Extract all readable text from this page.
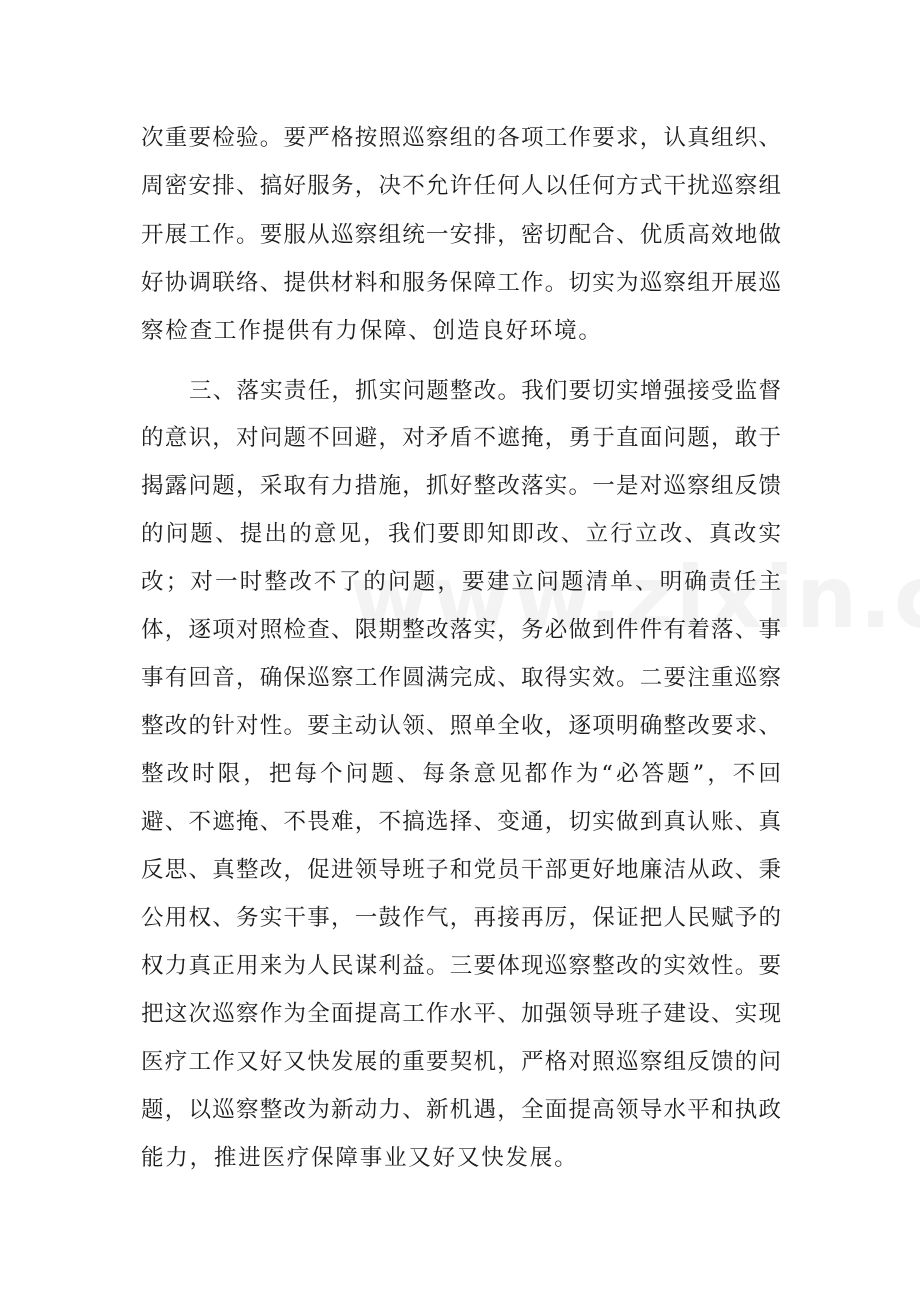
次重要检验。要严格按照巡察组的各项工作要求，认真组织、

周密安排、搞好服务，决不允许任何人以任何方式干扰巡察组

开展工作。要服从巡察组统一安排，密切配合、优质高效地做

好协调联络、提供材料和服务保障工作。切实为巡察组开展巡

察检查工作提供有力保障、创造良好环境。

三、落实责任，抓实问题整改。我们要切实增强接受监督

的意识，对问题不回避，对矛盾不遮掩，勇于直面问题，敢于

揭露问题，采取有力措施，抓好整改落实。一是对巡察组反馈

的问题、提出的意见，我们要即知即改、立行立改、真改实

改；对一时整改不了的问题，要建立问题清单、明确责任主

体，逐项对照检查、限期整改落实，务必做到件件有着落、事

事有回音，确保巡察工作圆满完成、取得实效。二要注重巡察

整改的针对性。要主动认领、照单全收，逐项明确整改要求、

整改时限，把每个问题、每条意见都作为“必答题”，不回

避、不遮掩、不畏难，不搞选择、变通，切实做到真认账、真

反思、真整改，促进领导班子和党员干部更好地廉洁从政、秉

公用权、务实干事，一鼓作气，再接再厉，保证把人民赋予的

权力真正用来为人民谋利益。三要体现巡察整改的实效性。要

把这次巡察作为全面提高工作水平、加强领导班子建设、实现

医疗工作又好又快发展的重要契机，严格对照巡察组反馈的问

题，以巡察整改为新动力、新机遇，全面提高领导水平和执政

能力，推进医疗保障事业又好又快发展。
